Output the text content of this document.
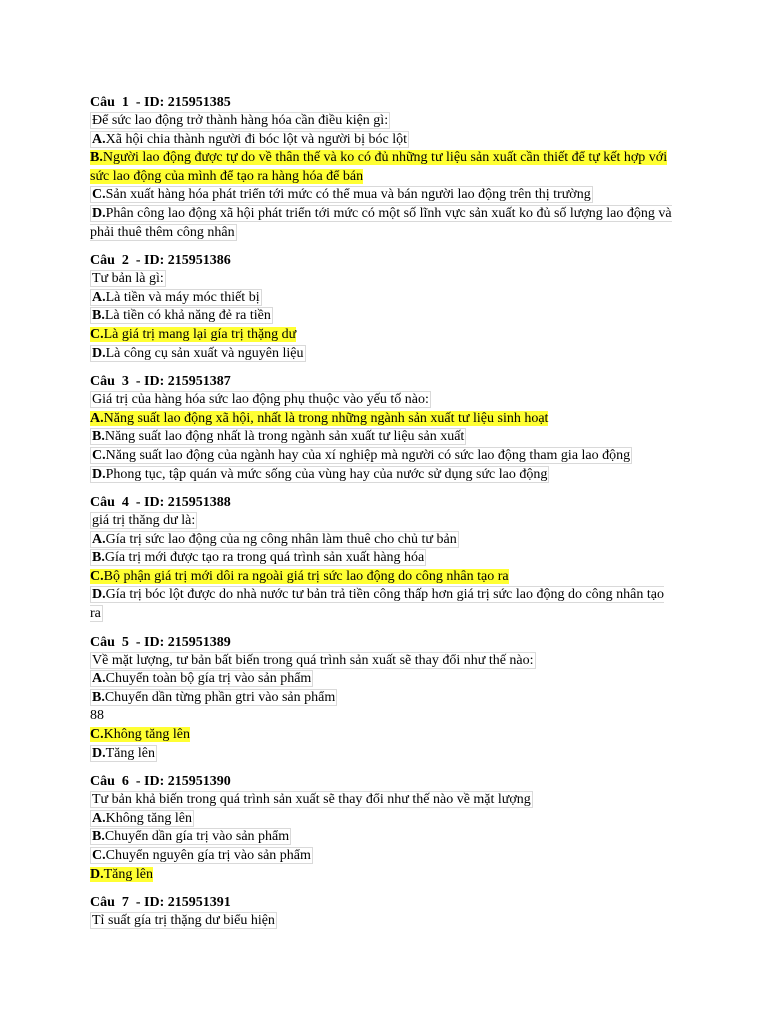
Câu  1  - ID: 215951385
Để sức lao động trở thành hàng hóa cần điều kiện gì:
A.Xã hội chia thành người đi bóc lột và người bị bóc lột
B.Người lao động được tự do về thân thế và ko có đủ những tư liệu sản xuất cần thiết để tự kết hợp với sức lao động của mình để tạo ra hàng hóa để bán
C.Sản xuất hàng hóa phát triển tới mức có thể mua và bán người lao động trên thị trường
D.Phân công lao động xã hội phát triển tới mức có một số lĩnh vực sản xuất ko đủ số lượng lao động và phải thuê thêm công nhân
Câu  2  - ID: 215951386
Tư bản là gì:
A.Là tiền và máy móc thiết bị
B.Là tiền có khả năng đẻ ra tiền
C.Là giá trị mang lại gía trị thặng dư
D.Là công cụ sản xuất và nguyên liệu
Câu  3  - ID: 215951387
Giá trị của hàng hóa sức lao động phụ thuộc vào yếu tố nào:
A.Năng suất lao động xã hội, nhất là trong những ngành sản xuất tư liệu sinh hoạt
B.Năng suất lao động nhất là trong ngành sản xuất tư liệu sản xuất
C.Năng suất lao động của ngành hay của xí nghiệp mà người có sức lao động tham gia lao động
D.Phong tục, tập quán và mức sống của vùng hay của nước sử dụng sức lao động
Câu  4  - ID: 215951388
giá trị thăng dư là:
A.Gía trị sức lao động của ng công nhân làm thuê cho chủ tư bản
B.Gía trị mới được tạo ra trong quá trình sản xuất hàng hóa
C.Bộ phận giá trị mới dôi ra ngoài giá trị sức lao động do công nhân tạo ra
D.Gía trị bóc lột được do nhà nước tư bản trả tiền công thấp hơn giá trị sức lao động do công nhân tạo ra
Câu  5  - ID: 215951389
Về mặt lượng, tư bản bất biến trong quá trình sản xuất sẽ thay đổi như thế nào:
A.Chuyển toàn bộ gía trị vào sản phẩm
B.Chuyển dần từng phần gtri vào sản phẩm
88
C.Không tăng lên
D.Tăng lên
Câu  6  - ID: 215951390
Tư bản khả biến trong quá trình sản xuất sẽ thay đổi như thế nào về mặt lượng
A.Không tăng lên
B.Chuyển dần gía trị vào sản phẩm
C.Chuyển nguyên gía trị vào sản phẩm
D.Tăng lên
Câu  7  - ID: 215951391
Tỉ suất gía trị thặng dư biểu hiện
